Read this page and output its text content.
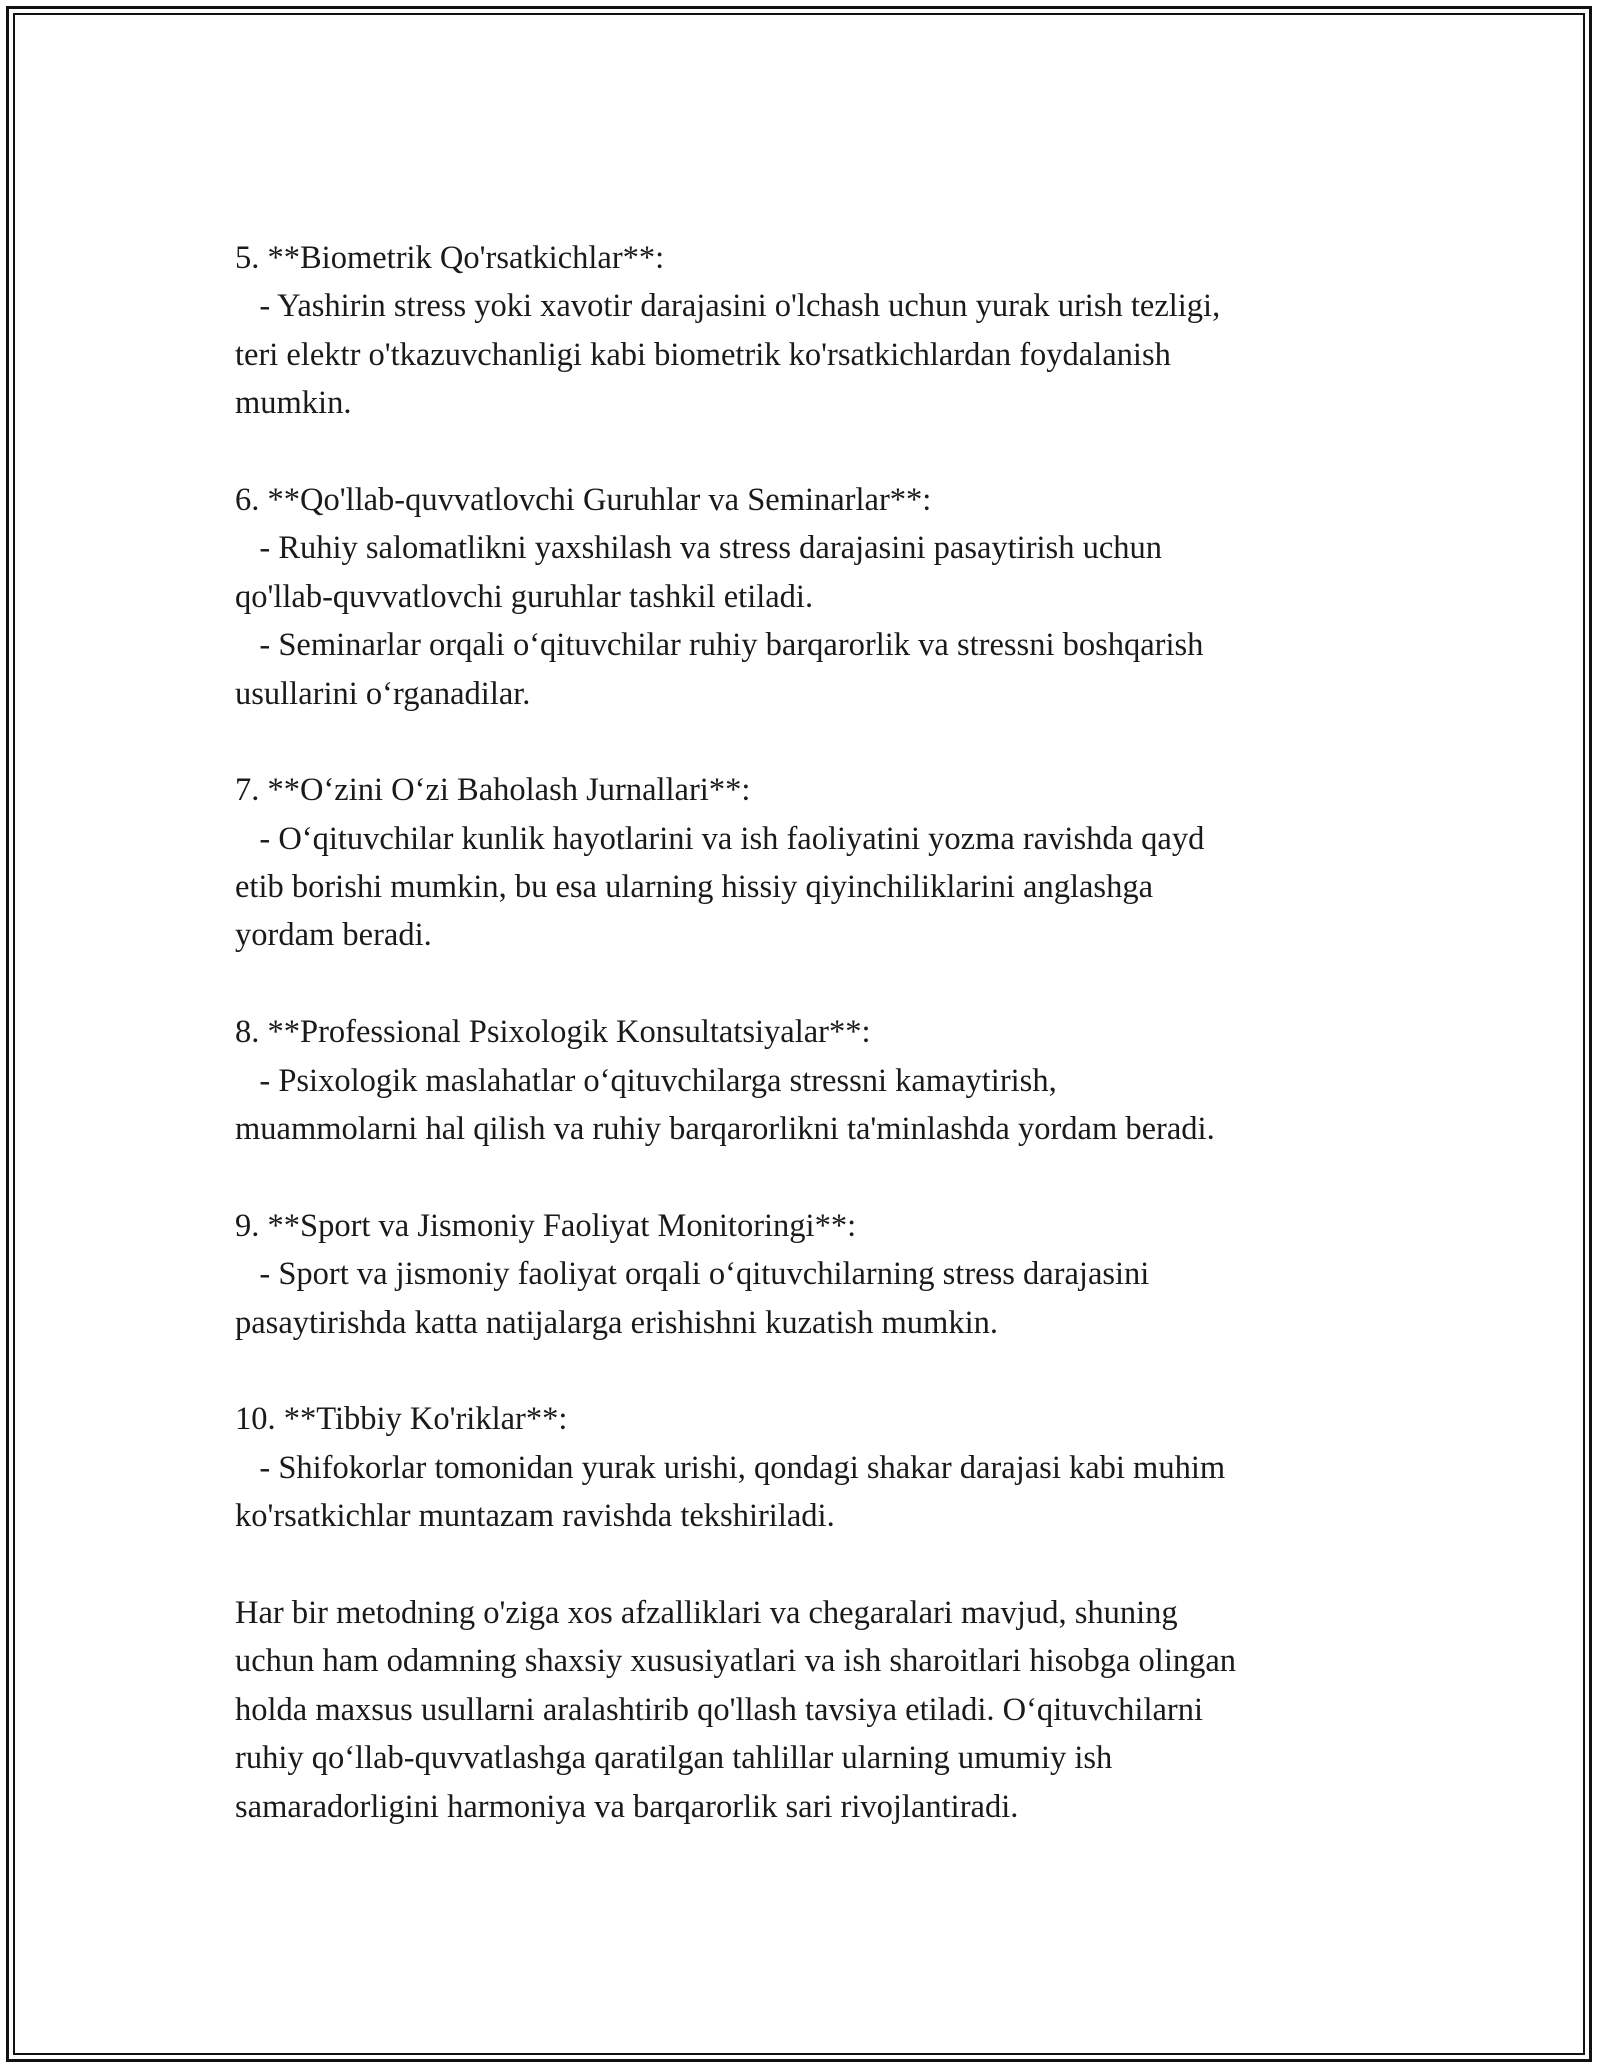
5. **Biometrik Qo'rsatkichlar**:
- Yashirin stress yoki xavotir darajasini o'lchash uchun yurak urish tezligi,
teri elektr o'tkazuvchanligi kabi biometrik ko'rsatkichlardan foydalanish
mumkin.
6. **Qo'llab-quvvatlovchi Guruhlar va Seminarlar**:
- Ruhiy salomatlikni yaxshilash va stress darajasini pasaytirish uchun
qo'llab-quvvatlovchi guruhlar tashkil etiladi.
- Seminarlar orqali o‘qituvchilar ruhiy barqarorlik va stressni boshqarish
usullarini o‘rganadilar.
7. **O‘zini O‘zi Baholash Jurnallari**:
- O‘qituvchilar kunlik hayotlarini va ish faoliyatini yozma ravishda qayd
etib borishi mumkin, bu esa ularning hissiy qiyinchiliklarini anglashga
yordam beradi.
8. **Professional Psixologik Konsultatsiyalar**:
- Psixologik maslahatlar o‘qituvchilarga stressni kamaytirish,
muammolarni hal qilish va ruhiy barqarorlikni ta'minlashda yordam beradi.
9. **Sport va Jismoniy Faoliyat Monitoringi**:
- Sport va jismoniy faoliyat orqali o‘qituvchilarning stress darajasini
pasaytirishda katta natijalarga erishishni kuzatish mumkin.
10. **Tibbiy Ko'riklar**:
- Shifokorlar tomonidan yurak urishi, qondagi shakar darajasi kabi muhim
ko'rsatkichlar muntazam ravishda tekshiriladi.
Har bir metodning o'ziga xos afzalliklari va chegaralari mavjud, shuning
uchun ham odamning shaxsiy xususiyatlari va ish sharoitlari hisobga olingan
holda maxsus usullarni aralashtirib qo'llash tavsiya etiladi. O‘qituvchilarni
ruhiy qo‘llab-quvvatlashga qaratilgan tahlillar ularning umumiy ish
samaradorligini harmoniya va barqarorlik sari rivojlantiradi.
